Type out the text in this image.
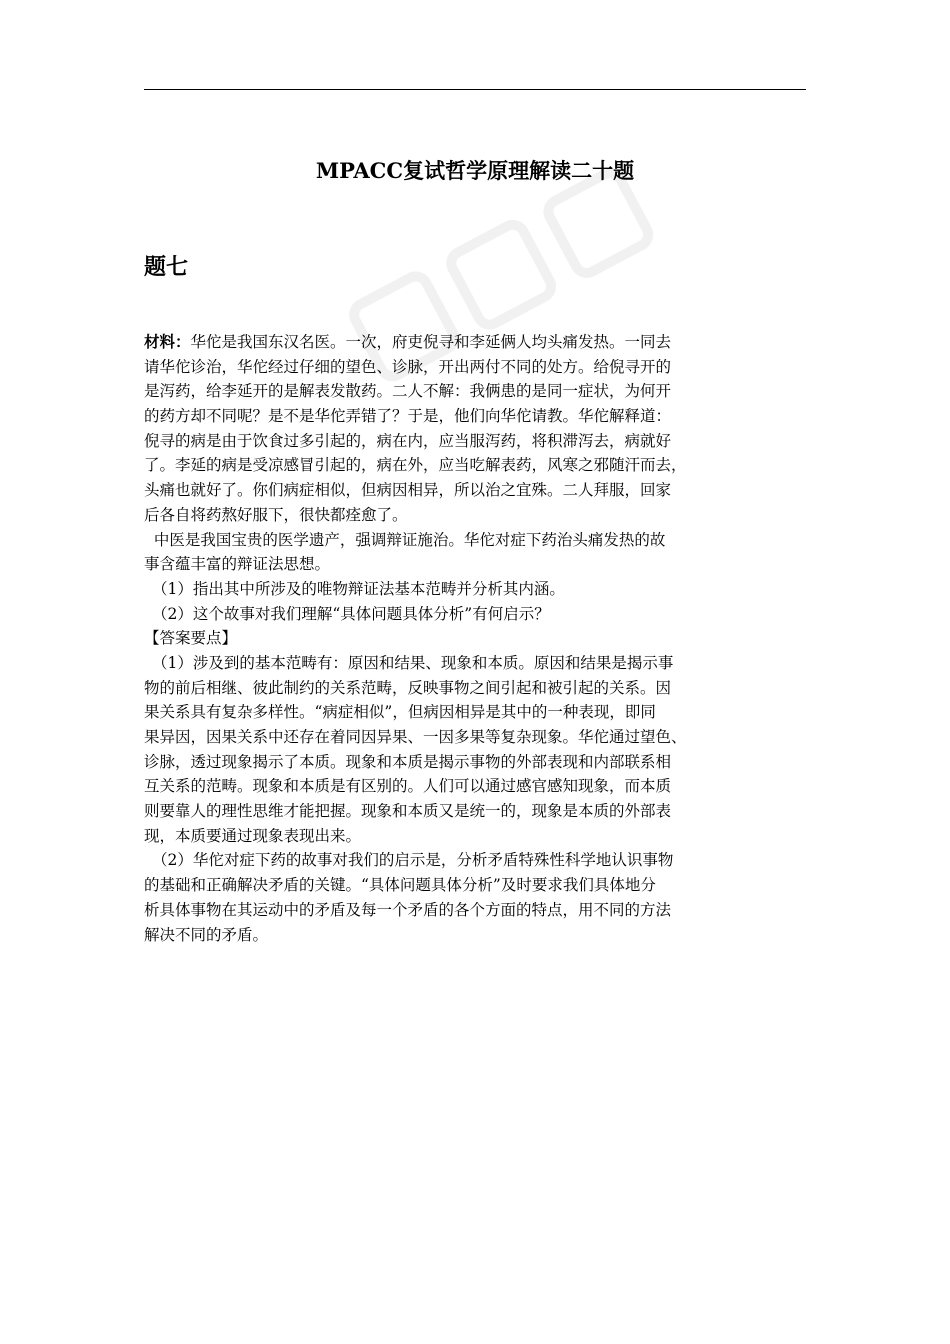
MPACC复试哲学原理解读二十题
题七
材料：华佗是我国东汉名医。一次，府吏倪寻和李延俩人均头痛发热。一同去
请华佗诊治，华佗经过仔细的望色、诊脉，开出两付不同的处方。给倪寻开的
是泻药，给李延开的是解表发散药。二人不解：我俩患的是同一症状，为何开
的药方却不同呢？是不是华佗弄错了？于是，他们向华佗请教。华佗解释道：
倪寻的病是由于饮食过多引起的，病在内，应当服泻药，将积滞泻去，病就好
了。李延的病是受凉感冒引起的，病在外，应当吃解表药，风寒之邪随汗而去，
头痛也就好了。你们病症相似，但病因相异，所以治之宜殊。二人拜服，回家
后各自将药熬好服下，很快都痊愈了。
中医是我国宝贵的医学遗产，强调辩证施治。华佗对症下药治头痛发热的故
事含蕴丰富的辩证法思想。
（1）指出其中所涉及的唯物辩证法基本范畴并分析其内涵。
（2）这个故事对我们理解“具体问题具体分析”有何启示？
【答案要点】
（1）涉及到的基本范畴有：原因和结果、现象和本质。原因和结果是揭示事
物的前后相继、彼此制约的关系范畴，反映事物之间引起和被引起的关系。因
果关系具有复杂多样性。“病症相似”，但病因相异是其中的一种表现，即同
果异因，因果关系中还存在着同因异果、一因多果等复杂现象。华佗通过望色、
诊脉，透过现象揭示了本质。现象和本质是揭示事物的外部表现和内部联系相
互关系的范畴。现象和本质是有区别的。人们可以通过感官感知现象，而本质
则要靠人的理性思维才能把握。现象和本质又是统一的，现象是本质的外部表
现，本质要通过现象表现出来。
（2）华佗对症下药的故事对我们的启示是，分析矛盾特殊性科学地认识事物
的基础和正确解决矛盾的关键。“具体问题具体分析”及时要求我们具体地分
析具体事物在其运动中的矛盾及每一个矛盾的各个方面的特点，用不同的方法
解决不同的矛盾。
